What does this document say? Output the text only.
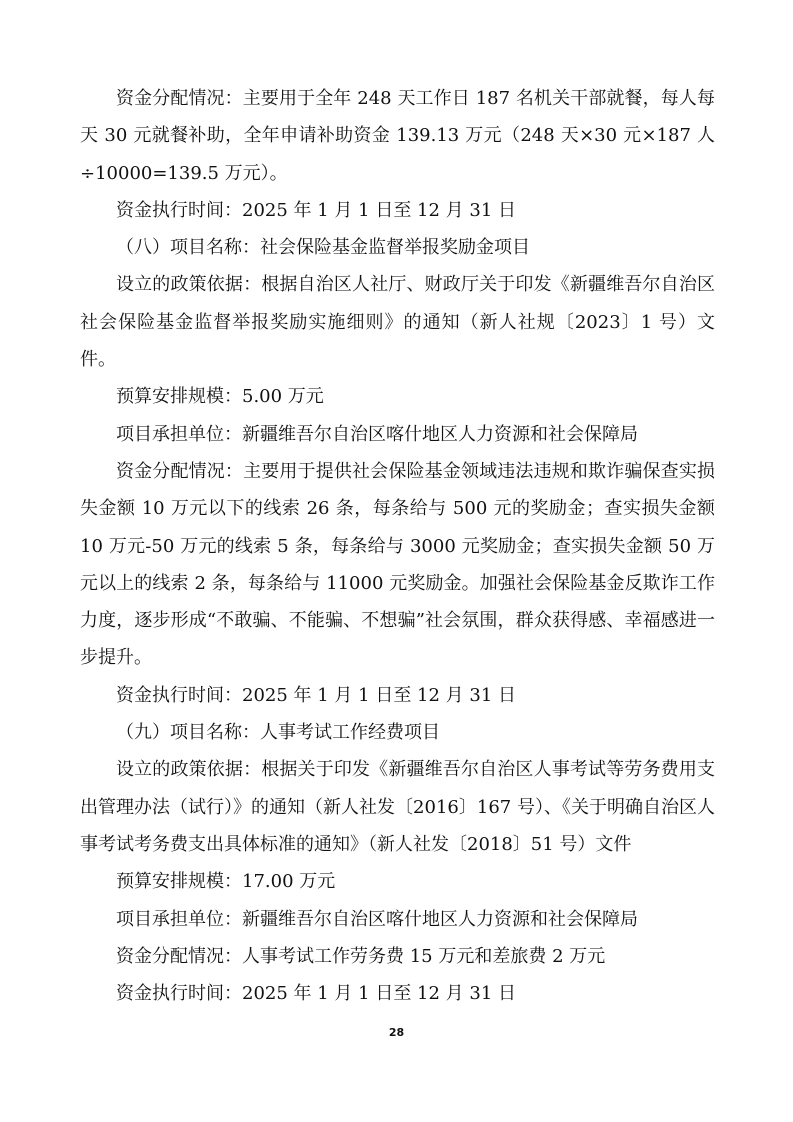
资金分配情况：主要用于全年 248 天工作日 187 名机关干部就餐，每人每天 30 元就餐补助，全年申请补助资金 139.13 万元（248 天×30 元×187 人÷10000=139.5 万元）。

资金执行时间：2025 年 1 月 1 日至 12 月 31 日

（八）项目名称：社会保险基金监督举报奖励金项目

设立的政策依据：根据自治区人社厅、财政厅关于印发《新疆维吾尔自治区社会保险基金监督举报奖励实施细则》的通知（新人社规〔2023〕1 号）文件。

预算安排规模：5.00 万元

项目承担单位：新疆维吾尔自治区喀什地区人力资源和社会保障局

资金分配情况：主要用于提供社会保险基金领域违法违规和欺诈骗保查实损失金额 10 万元以下的线索 26 条，每条给与 500 元的奖励金；查实损失金额 10 万元-50 万元的线索 5 条，每条给与 3000 元奖励金；查实损失金额 50 万元以上的线索 2 条，每条给与 11000 元奖励金。加强社会保险基金反欺诈工作力度，逐步形成“不敢骗、不能骗、不想骗”社会氛围，群众获得感、幸福感进一步提升。

资金执行时间：2025 年 1 月 1 日至 12 月 31 日

（九）项目名称：人事考试工作经费项目

设立的政策依据：根据关于印发《新疆维吾尔自治区人事考试等劳务费用支出管理办法（试行）》的通知（新人社发〔2016〕167 号）、《关于明确自治区人事考试考务费支出具体标准的通知》（新人社发〔2018〕51 号）文件

预算安排规模：17.00 万元

项目承担单位：新疆维吾尔自治区喀什地区人力资源和社会保障局

资金分配情况：人事考试工作劳务费 15 万元和差旅费 2 万元

资金执行时间：2025 年 1 月 1 日至 12 月 31 日

28
